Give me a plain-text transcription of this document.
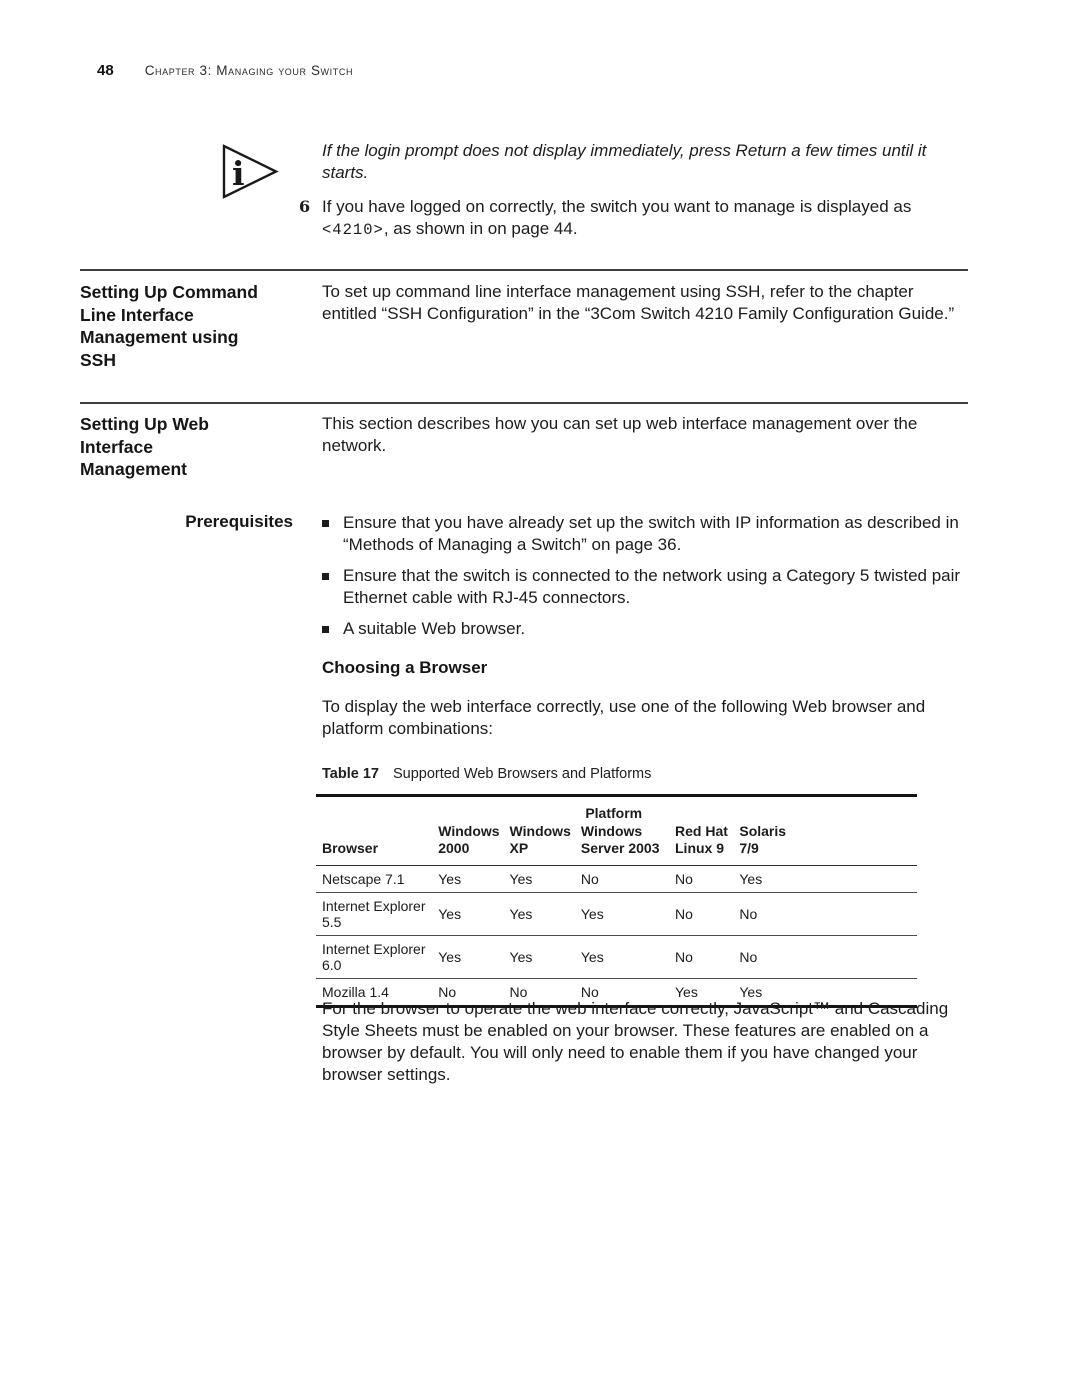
48 Chapter 3: Managing your Switch
i
If the login prompt does not display immediately, press Return a few times until it starts.
6 If you have logged on correctly, the switch you want to manage is displayed as <4210>, as shown in on page 44.
Setting Up Command
Line Interface
Management using
SSH
To set up command line interface management using SSH, refer to the chapter entitled “SSH Configuration” in the “3Com Switch 4210 Family Configuration Guide.”
Setting Up Web
Interface
Management
This section describes how you can set up web interface management over the network.
Prerequisites	Ensure that you have already set up the switch with IP information as described in “Methods of Managing a Switch” on page 36.
Ensure that the switch is connected to the network using a Category 5 twisted pair Ethernet cable with RJ-45 connectors.
A suitable Web browser.
Choosing a Browser
To display the web interface correctly, use one of the following Web browser and platform combinations:
Table 17 Supported Web Browsers and Platforms
	Platform					
Browser	Windows 2000	Windows XP	Windows Server 2003	Red Hat Linux 9	Solaris 7/9	
Netscape 7.1	Yes	Yes	No	No	Yes	
Internet Explorer 5.5	Yes	Yes	Yes	No	No	
Internet Explorer 6.0	Yes	Yes	Yes	No	No	
Mozilla 1.4	No	No	No	Yes	Yes	
For the browser to operate the web interface correctly, JavaScript™ and Cascading Style Sheets must be enabled on your browser. These features are enabled on a browser by default. You will only need to enable them if you have changed your browser settings.
